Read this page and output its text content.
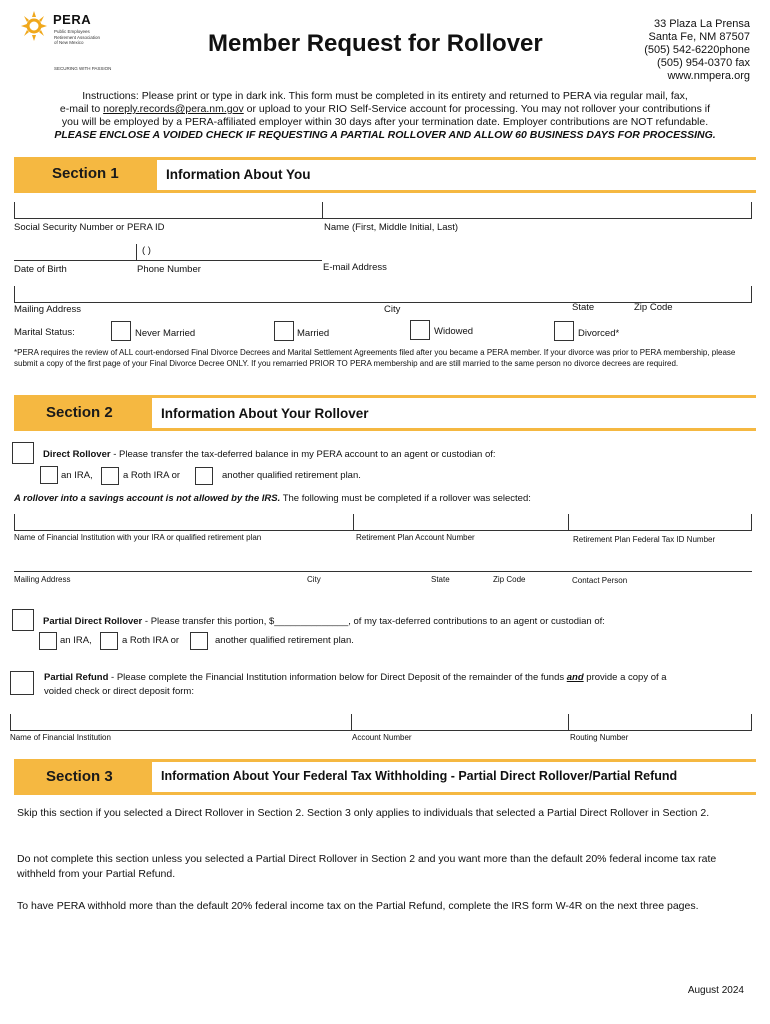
PERA
Public Employees
Retirement Association
of New Mexico
SECURING WITH PASSION
Member Request for Rollover
33 Plaza La Prensa
Santa Fe, NM 87507
(505) 542-6220phone
(505) 954-0370 fax
www.nmpera.org
Instructions: Please print or type in dark ink. This form must be completed in its entirety and returned to PERA via regular mail, fax,
e-mail to noreply.records@pera.nm.gov or upload to your RIO Self-Service account for processing. You may not rollover your contributions if
you will be employed by a PERA-affiliated employer within 30 days after your termination date. Employer contributions are NOT refundable.
PLEASE ENCLOSE A VOIDED CHECK IF REQUESTING A PARTIAL ROLLOVER AND ALLOW 60 BUSINESS DAYS FOR PROCESSING.
Section 1	Information About You
Social Security Number or PERA ID	Name (First, Middle Initial, Last)
( )
Date of Birth	Phone Number	E-mail Address
Mailing Address	City	State	Zip Code
Marital Status:	Never Married	Married	Widowed	Divorced*
*PERA requires the review of ALL court-endorsed Final Divorce Decrees and Marital Settlement Agreements filed after you became a PERA member. If your divorce was prior to PERA membership, please submit a copy of the first page of your Final Divorce Decree ONLY. If you remarried PRIOR TO PERA membership and are still married to the same person no divorce decrees are required.
Section 2	Information About Your Rollover
Direct Rollover - Please transfer the tax-deferred balance in my PERA account to an agent or custodian of:
an IRA,	a Roth IRA or	another qualified retirement plan.
A rollover into a savings account is not allowed by the IRS. The following must be completed if a rollover was selected:
Name of Financial Institution with your IRA or qualified retirement plan	Retirement Plan Account Number	Retirement Plan Federal Tax ID Number
Mailing Address	City	State	Zip Code	Contact Person
Partial Direct Rollover - Please transfer this portion, $______________, of my tax-deferred contributions to an agent or custodian of:
an IRA,	a Roth IRA or	another qualified retirement plan.
Partial Refund - Please complete the Financial Institution information below for Direct Deposit of the remainder of the funds and provide a copy of a
voided check or direct deposit form:
Name of Financial Institution	Account Number	Routing Number
Section 3	Information About Your Federal Tax Withholding - Partial Direct Rollover/Partial Refund
Skip this section if you selected a Direct Rollover in Section 2. Section 3 only applies to individuals that selected a Partial Direct Rollover in Section 2.
Do not complete this section unless you selected a Partial Direct Rollover in Section 2 and you want more than the default 20% federal income tax rate withheld from your Partial Refund.
To have PERA withhold more than the default 20% federal income tax on the Partial Refund, complete the IRS form W-4R on the next three pages.
August 2024
